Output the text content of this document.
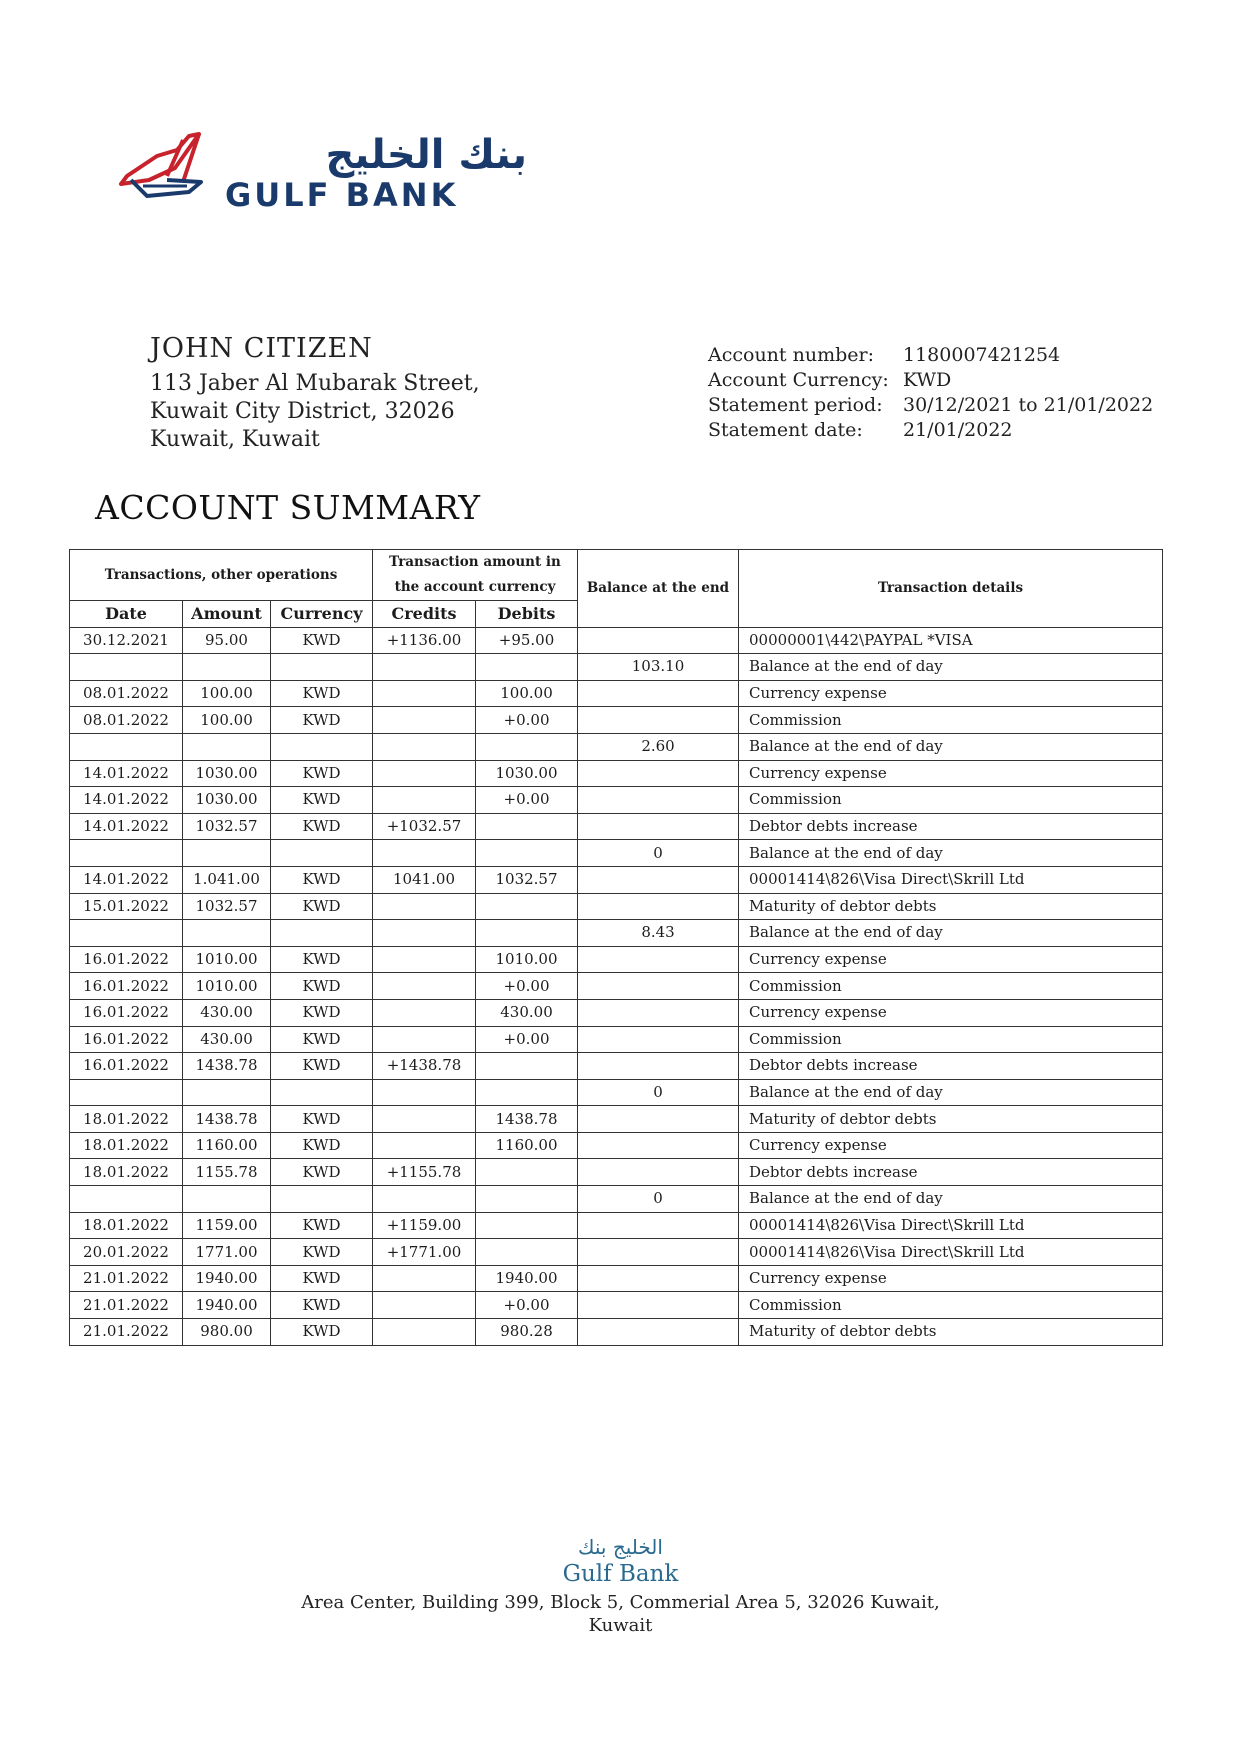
بنك الخليج
GULF BANK
JOHN CITIZEN
113 Jaber Al Mubarak Street,
Kuwait City District, 32026
Kuwait, Kuwait
Account number:	1180007421254
Account Currency: KWD
Statement period:	30/12/2021 to 21/01/2022
Statement date:	21/01/2022
ACCOUNT SUMMARY
Transactions, other operations			Transaction amount in the account currency		Balance at the end	Transaction details
Date	Amount	Currency	Credits	Debits		
30.12.2021	95.00	KWD	+1136.00	+95.00		00000001\442\PAYPAL *VISA
					103.10	Balance at the end of day
08.01.2022	100.00	KWD		100.00		Currency expense
08.01.2022	100.00	KWD		+0.00		Commission
					2.60	Balance at the end of day
14.01.2022	1030.00	KWD		1030.00		Currency expense
14.01.2022	1030.00	KWD		+0.00		Commission
14.01.2022	1032.57	KWD	+1032.57			Debtor debts increase
					0	Balance at the end of day
14.01.2022	1.041.00	KWD	1041.00	1032.57		00001414\826\Visa Direct\Skrill Ltd
15.01.2022	1032.57	KWD				Maturity of debtor debts
					8.43	Balance at the end of day
16.01.2022	1010.00	KWD		1010.00		Currency expense
16.01.2022	1010.00	KWD		+0.00		Commission
16.01.2022	430.00	KWD		430.00		Currency expense
16.01.2022	430.00	KWD		+0.00		Commission
16.01.2022	1438.78	KWD	+1438.78			Debtor debts increase
					0	Balance at the end of day
18.01.2022	1438.78	KWD		1438.78		Maturity of debtor debts
18.01.2022	1160.00	KWD		1160.00		Currency expense
18.01.2022	1155.78	KWD	+1155.78			Debtor debts increase
					0	Balance at the end of day
18.01.2022	1159.00	KWD	+1159.00			00001414\826\Visa Direct\Skrill Ltd
20.01.2022	1771.00	KWD	+1771.00			00001414\826\Visa Direct\Skrill Ltd
21.01.2022	1940.00	KWD		1940.00		Currency expense
21.01.2022	1940.00	KWD		+0.00		Commission
21.01.2022	980.00	KWD		980.28		Maturity of debtor debts
الخليج بنك
Gulf Bank
Area Center, Building 399, Block 5, Commerial Area 5, 32026 Kuwait,
Kuwait
